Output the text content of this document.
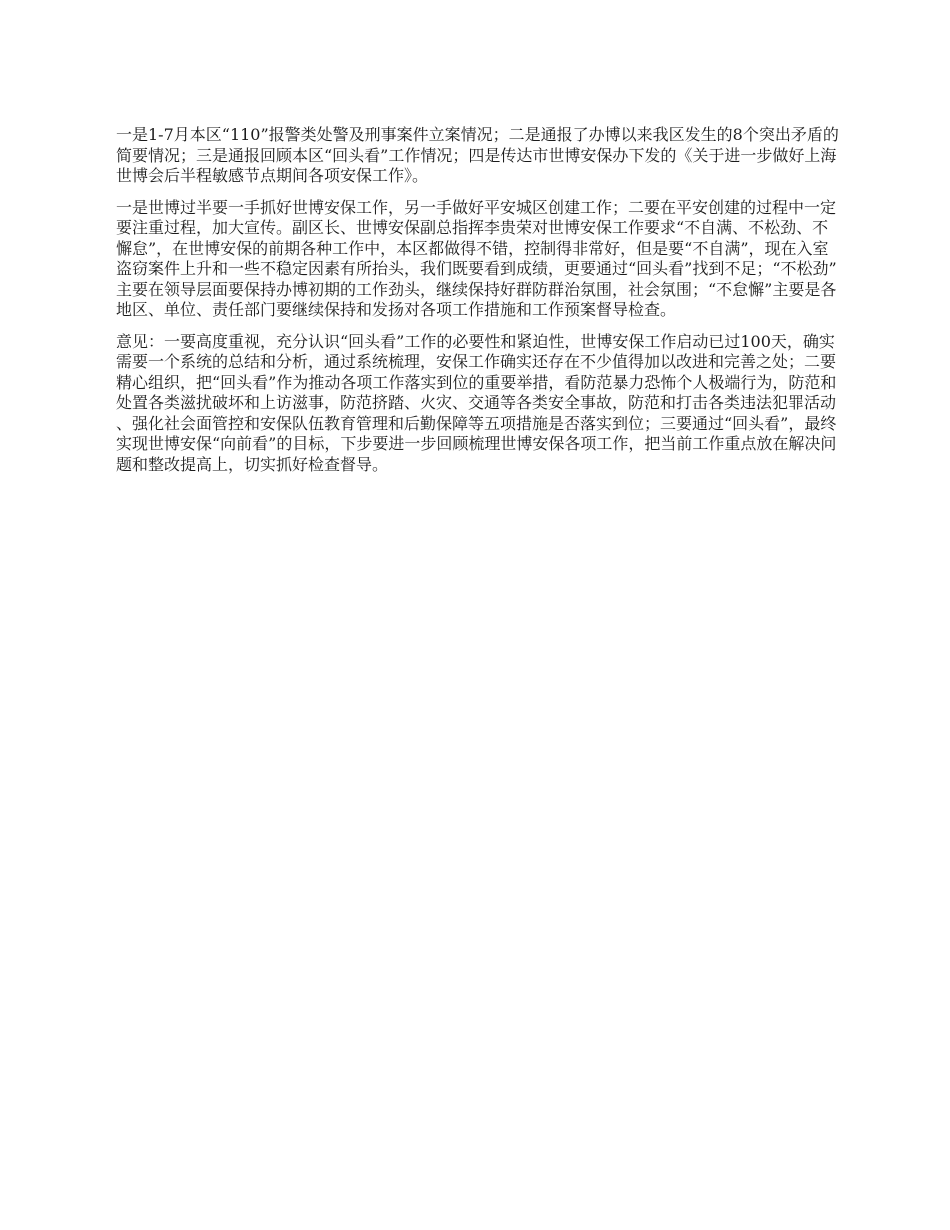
一是1-7月本区“110”报警类处警及刑事案件立案情况；二是通报了办博以来我区发生的8个突出矛盾的简要情况；三是通报回顾本区“回头看”工作情况；四是传达市世博安保办下发的《关于进一步做好上海世博会后半程敏感节点期间各项安保工作》。

一是世博过半要一手抓好世博安保工作，另一手做好平安城区创建工作；二要在平安创建的过程中一定要注重过程，加大宣传。副区长、世博安保副总指挥李贵荣对世博安保工作要求“不自满、不松劲、不懈怠”，在世博安保的前期各种工作中，本区都做得不错，控制得非常好，但是要“不自满”，现在入室盗窃案件上升和一些不稳定因素有所抬头，我们既要看到成绩，更要通过“回头看”找到不足；“不松劲”主要在领导层面要保持办博初期的工作劲头，继续保持好群防群治氛围，社会氛围；“不怠懈”主要是各地区、单位、责任部门要继续保持和发扬对各项工作措施和工作预案督导检查。

意见：一要高度重视，充分认识“回头看”工作的必要性和紧迫性，世博安保工作启动已过100天，确实需要一个系统的总结和分析，通过系统梳理，安保工作确实还存在不少值得加以改进和完善之处；二要精心组织，把“回头看”作为推动各项工作落实到位的重要举措，看防范暴力恐怖个人极端行为，防范和处置各类滋扰破坏和上访滋事，防范挤踏、火灾、交通等各类安全事故，防范和打击各类违法犯罪活动、强化社会面管控和安保队伍教育管理和后勤保障等五项措施是否落实到位；三要通过“回头看”，最终实现世博安保“向前看”的目标，下步要进一步回顾梳理世博安保各项工作，把当前工作重点放在解决问题和整改提高上，切实抓好检查督导。
